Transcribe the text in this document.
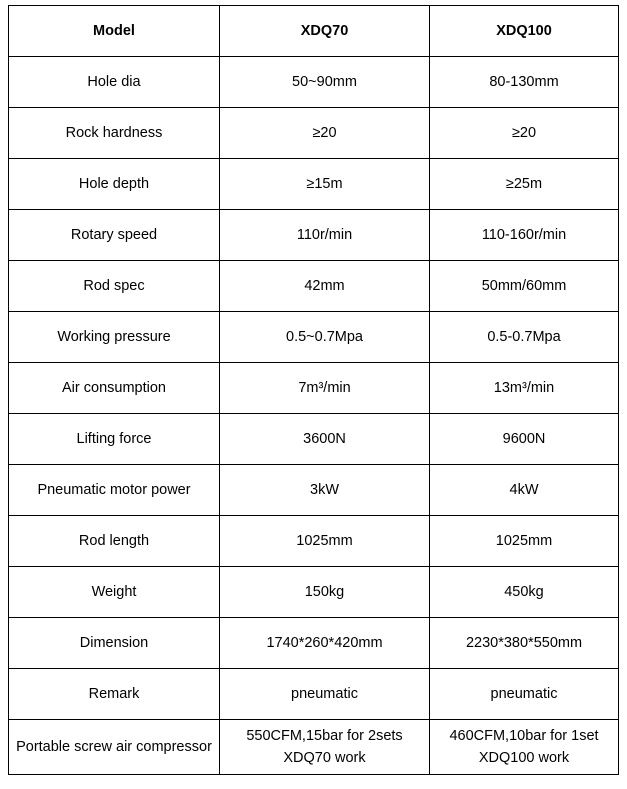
Model	XDQ70	XDQ100
Hole dia	50~90mm	80-130mm
Rock hardness	≥20	≥20
Hole depth	≥15m	≥25m
Rotary speed	110r/min	110-160r/min
Rod spec	42mm	50mm/60mm
Working pressure	0.5~0.7Mpa	0.5-0.7Mpa
Air consumption	7m³/min	13m³/min
Lifting force	3600N	9600N
Pneumatic motor power	3kW	4kW
Rod length	1025mm	1025mm
Weight	150kg	450kg
Dimension	1740*260*420mm	2230*380*550mm
Remark	pneumatic	pneumatic
Portable screw air compressor	550CFM,15bar for 2sets XDQ70 work	460CFM,10bar for 1set XDQ100 work
